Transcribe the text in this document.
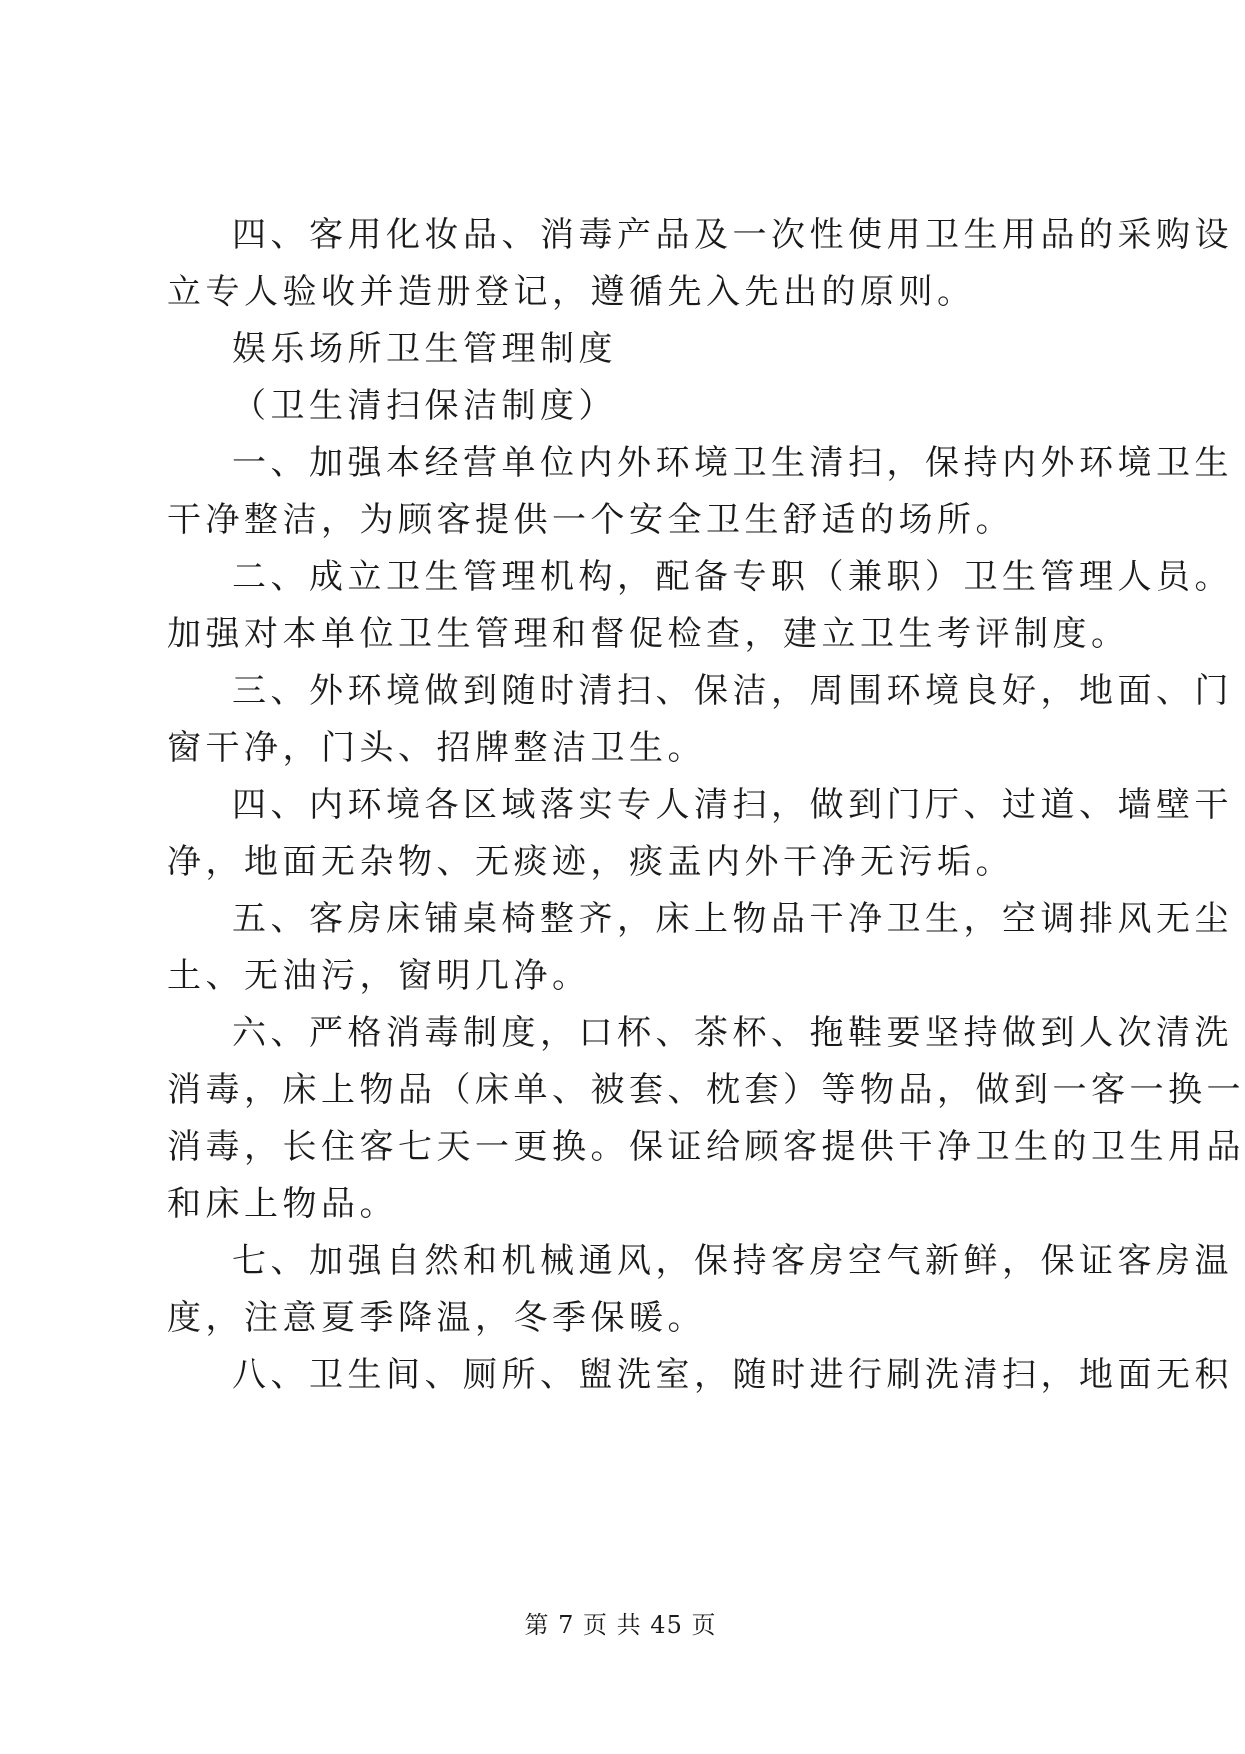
四、客用化妆品、消毒产品及一次性使用卫生用品的采购设
立专人验收并造册登记，遵循先入先出的原则。
娱乐场所卫生管理制度
（卫生清扫保洁制度）
一、加强本经营单位内外环境卫生清扫，保持内外环境卫生
干净整洁，为顾客提供一个安全卫生舒适的场所。
二、成立卫生管理机构，配备专职（兼职）卫生管理人员。
加强对本单位卫生管理和督促检查，建立卫生考评制度。
三、外环境做到随时清扫、保洁，周围环境良好，地面、门
窗干净，门头、招牌整洁卫生。
四、内环境各区域落实专人清扫，做到门厅、过道、墙壁干
净，地面无杂物、无痰迹，痰盂内外干净无污垢。
五、客房床铺桌椅整齐，床上物品干净卫生，空调排风无尘
土、无油污，窗明几净。
六、严格消毒制度，口杯、茶杯、拖鞋要坚持做到人次清洗
消毒，床上物品（床单、被套、枕套）等物品，做到一客一换一
消毒，长住客七天一更换。保证给顾客提供干净卫生的卫生用品
和床上物品。
七、加强自然和机械通风，保持客房空气新鲜，保证客房温
度，注意夏季降温，冬季保暖。
八、卫生间、厕所、盥洗室，随时进行刷洗清扫，地面无积
第 7 页 共 45 页
